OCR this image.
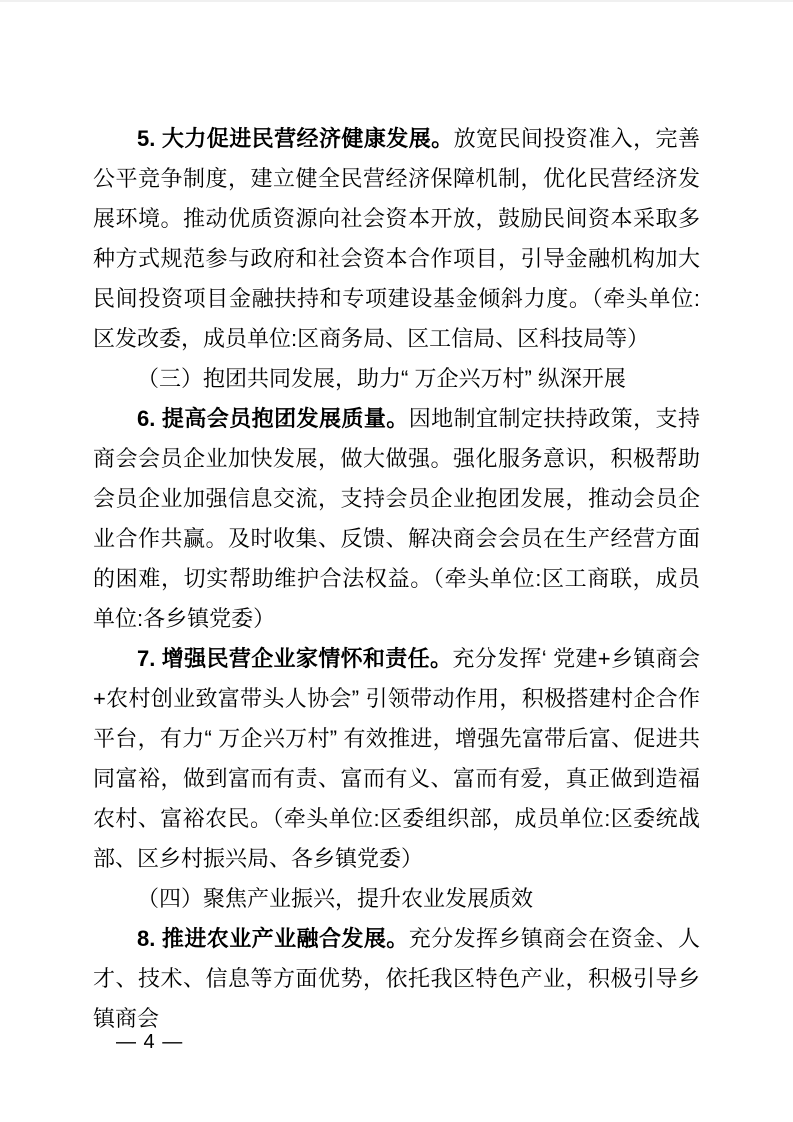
5. 大力促进民营经济健康发展。放宽民间投资准入，完善公平竞争制度，建立健全民营经济保障机制，优化民营经济发展环境。推动优质资源向社会资本开放，鼓励民间资本采取多种方式规范参与政府和社会资本合作项目，引导金融机构加大民间投资项目金融扶持和专项建设基金倾斜力度。（牵头单位:区发改委，成员单位:区商务局、区工信局、区科技局等）

（三）抱团共同发展，助力“ 万企兴万村” 纵深开展

6. 提高会员抱团发展质量。因地制宜制定扶持政策，支持商会会员企业加快发展，做大做强。强化服务意识，积极帮助会员企业加强信息交流，支持会员企业抱团发展，推动会员企业合作共赢。及时收集、反馈、解决商会会员在生产经营方面的困难，切实帮助维护合法权益。（牵头单位:区工商联，成员单位:各乡镇党委）

7. 增强民营企业家情怀和责任。充分发挥‘ 党建+乡镇商会+农村创业致富带头人协会” 引领带动作用，积极搭建村企合作平台，有力“ 万企兴万村” 有效推进，增强先富带后富、促进共同富裕，做到富而有责、富而有义、富而有爱，真正做到造福农村、富裕农民。（牵头单位:区委组织部，成员单位:区委统战部、区乡村振兴局、各乡镇党委）

（四）聚焦产业振兴，提升农业发展质效

8. 推进农业产业融合发展。充分发挥乡镇商会在资金、人才、技术、信息等方面优势，依托我区特色产业，积极引导乡镇商会

— 4 —
